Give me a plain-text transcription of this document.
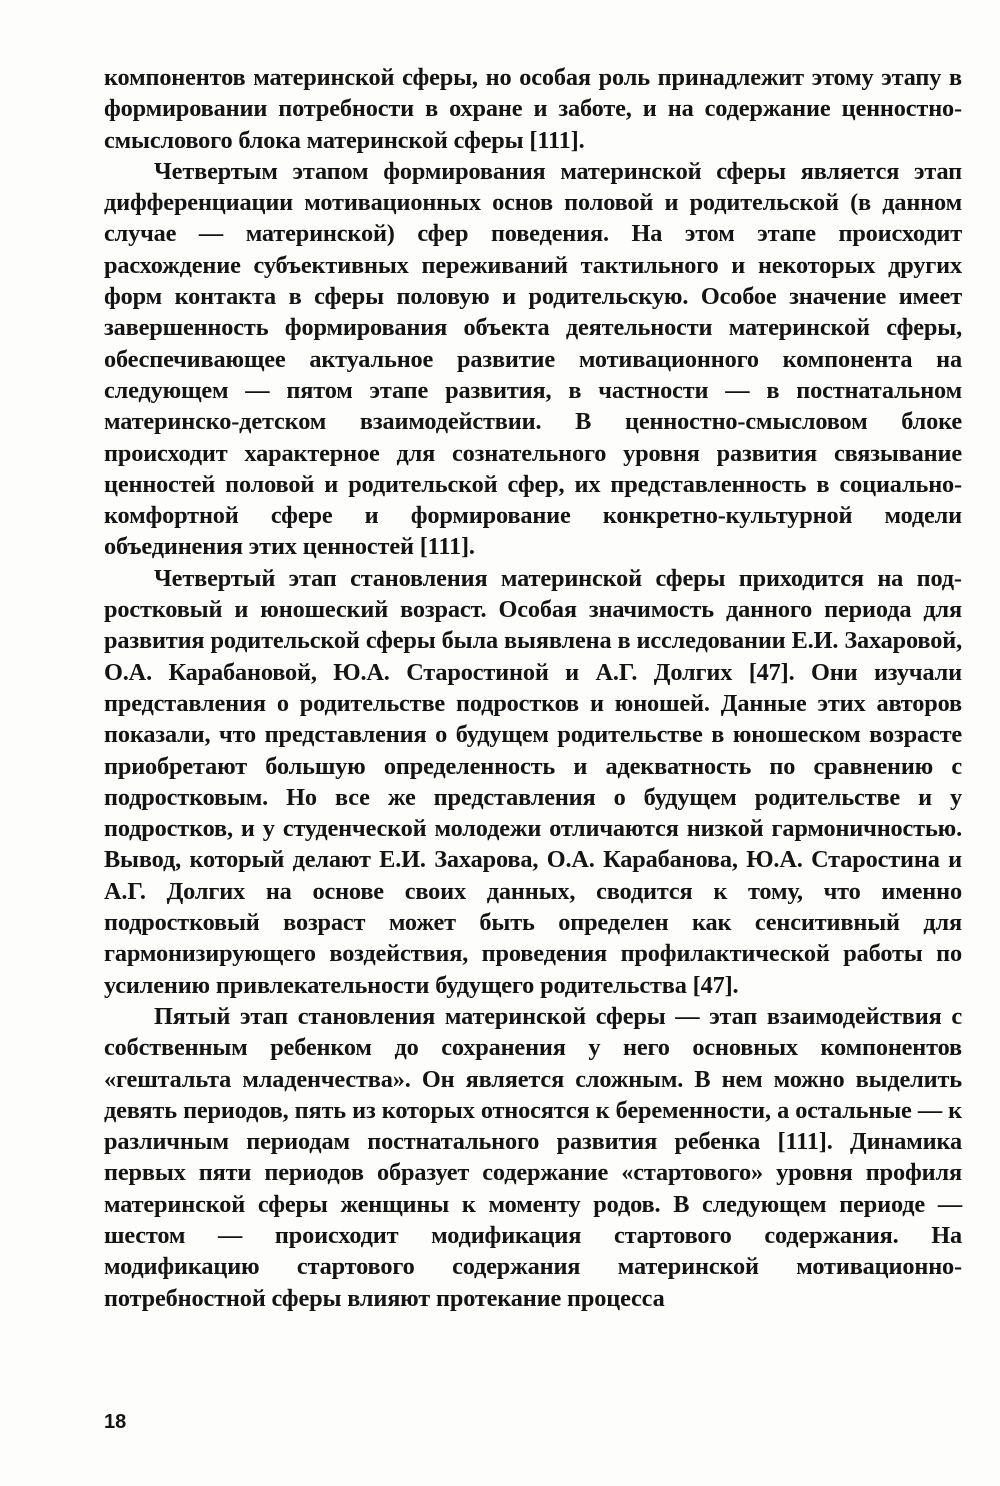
компонентов материнской сферы, но особая роль принадлежит этому этапу в формировании потребности в охране и заботе, и на содержание ценностно-смыслового блока материнской сферы [111].

Четвертым этапом формирования материнской сферы является этап дифференциации мотивационных основ половой и родительской (в данном случае — материнской) сфер поведения. На этом этапе происходит расхождение субъективных переживаний тактильного и некоторых других форм контакта в сферы половую и родительскую. Особое значение имеет завершенность формирования объекта деятельности материнской сферы, обеспечивающее актуальное развитие мотивационного компонента на следующем — пятом этапе развития, в частности — в постнатальном материнско-детском взаимодействии. В ценностно-смысловом блоке происходит характерное для сознательного уровня развития связывание ценностей половой и родительской сфер, их представленность в социально-комфортной сфере и формирование конкретно-культурной модели объединения этих ценностей [111].

Четвертый этап становления материнской сферы приходится на подростковый и юношеский возраст. Особая значимость данного периода для развития родительской сферы была выявлена в исследовании Е.И. Захаровой, О.А. Карабановой, Ю.А. Старостиной и А.Г. Долгих [47]. Они изучали представления о родительстве подростков и юношей. Данные этих авторов показали, что представления о будущем родительстве в юношеском возрасте приобретают большую определенность и адекватность по сравнению с подростковым. Но все же представления о будущем родительстве и у подростков, и у студенческой молодежи отличаются низкой гармоничностью. Вывод, который делают Е.И. Захарова, О.А. Карабанова, Ю.А. Старостина и А.Г. Долгих на основе своих данных, сводится к тому, что именно подростковый возраст может быть определен как сенситивный для гармонизирующего воздействия, проведения профилактической работы по усилению привлекательности будущего родительства [47].

Пятый этап становления материнской сферы — этап взаимодействия с собственным ребенком до сохранения у него основных компонентов «гештальта младенчества». Он является сложным. В нем можно выделить девять периодов, пять из которых относятся к беременности, а остальные — к различным периодам постнатального развития ребенка [111]. Динамика первых пяти периодов образует содержание «стартового» уровня профиля материнской сферы женщины к моменту родов. В следующем периоде — шестом — происходит модификация стартового содержания. На модификацию стартового содержания материнской мотивационно-потребностной сферы влияют протекание процесса

18
